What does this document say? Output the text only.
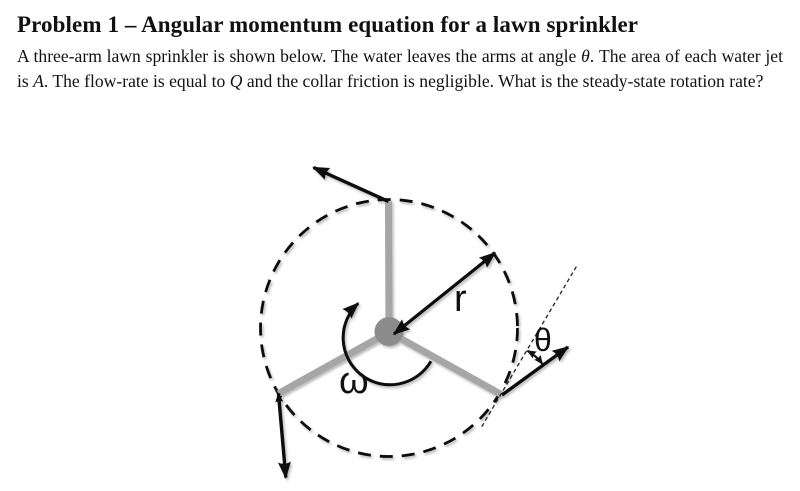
Problem 1 – Angular momentum equation for a lawn sprinkler

A three-arm lawn sprinkler is shown below. The water leaves the arms at angle θ. The area of each water jet is A. The flow-rate is equal to Q and the collar friction is negligible. What is the steady-state rotation rate?

r
ω
θ
